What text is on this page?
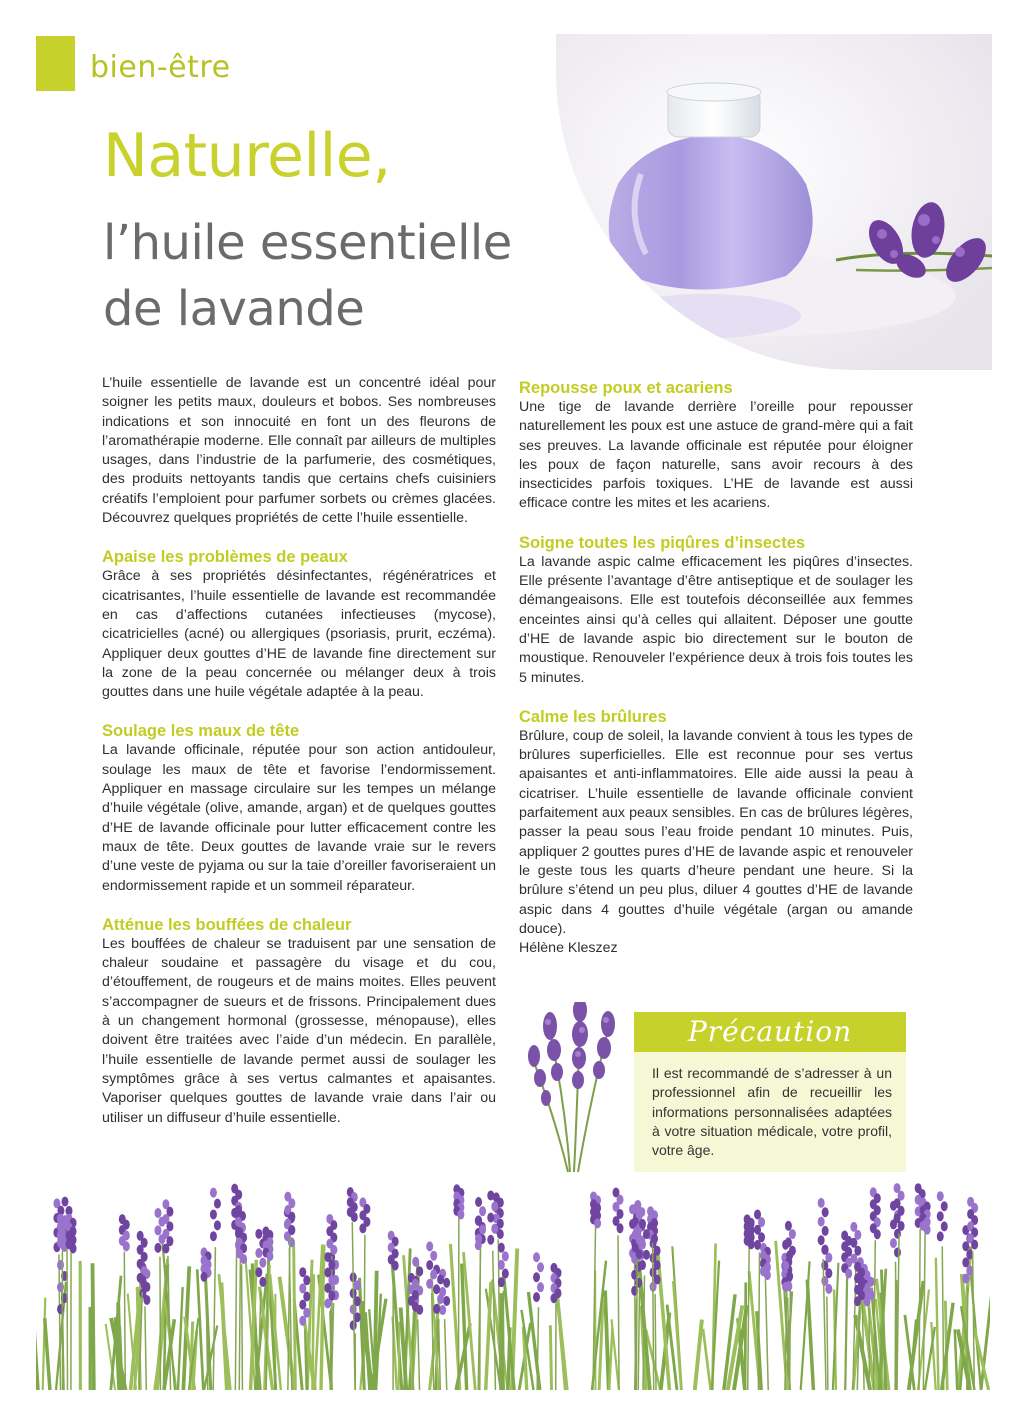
bien-être
Naturelle,
l’huile essentielle
de lavande

L’huile essentielle de lavande est un concentré idéal pour soigner les petits maux, douleurs et bobos. Ses nombreuses indications et son innocuité en font un des fleurons de l’aromathérapie moderne. Elle connaît par ailleurs de multiples usages, dans l’industrie de la parfumerie, des cosmétiques, des produits nettoyants tandis que certains chefs cuisiniers créatifs l’emploient pour parfumer sorbets ou crèmes glacées. Découvrez quelques propriétés de cette l’huile essentielle.

Apaise les problèmes de peaux

Grâce à ses propriétés désinfectantes, régénératrices et cicatrisantes, l’huile essentielle de lavande est recommandée en cas d’affections cutanées infectieuses (mycose), cicatricielles (acné) ou allergiques (psoriasis, prurit, eczéma). Appliquer deux gouttes d’HE de lavande fine directement sur la zone de la peau concernée ou mélanger deux à trois gouttes dans une huile végétale adaptée à la peau.

Soulage les maux de tête

La lavande officinale, réputée pour son action antidouleur, soulage les maux de tête et favorise l’endormissement. Appliquer en massage circulaire sur les tempes un mélange d’huile végétale (olive, amande, argan) et de quelques gouttes d’HE de lavande officinale pour lutter efficacement contre les maux de tête. Deux gouttes de lavande vraie sur le revers d’une veste de pyjama ou sur la taie d’oreiller favoriseraient un endormissement rapide et un sommeil réparateur.

Atténue les bouffées de chaleur

Les bouffées de chaleur se traduisent par une sensation de chaleur soudaine et passagère du visage et du cou, d’étouffement, de rougeurs et de mains moites. Elles peuvent s’accompagner de sueurs et de frissons. Principalement dues à un changement hormonal (grossesse, ménopause), elles doivent être traitées avec l’aide d’un médecin. En parallèle, l’huile essentielle de lavande permet aussi de soulager les symptômes grâce à ses vertus calmantes et apaisantes. Vaporiser quelques gouttes de lavande vraie dans l’air ou utiliser un diffuseur d’huile essentielle.

Repousse poux et acariens

Une tige de lavande derrière l’oreille pour repousser naturellement les poux est une astuce de grand-mère qui a fait ses preuves. La lavande officinale est réputée pour éloigner les poux de façon naturelle, sans avoir recours à des insecticides parfois toxiques. L’HE de lavande est aussi efficace contre les mites et les acariens.

Soigne toutes les piqûres d’insectes

La lavande aspic calme efficacement les piqûres d’insectes. Elle présente l’avantage d’être antiseptique et de soulager les démangeaisons. Elle est toutefois déconseillée aux femmes enceintes ainsi qu’à celles qui allaitent. Déposer une goutte d’HE de lavande aspic bio directement sur le bouton de moustique. Renouveler l’expérience deux à trois fois toutes les 5 minutes.

Calme les brûlures

Brûlure, coup de soleil, la lavande convient à tous les types de brûlures superficielles. Elle est reconnue pour ses vertus apaisantes et anti-inflammatoires. Elle aide aussi la peau à cicatriser. L’huile essentielle de lavande officinale convient parfaitement aux peaux sensibles. En cas de brûlures légères, passer la peau sous l’eau froide pendant 10 minutes. Puis, appliquer 2 gouttes pures d’HE de lavande aspic et renouveler le geste tous les quarts d’heure pendant une heure. Si la brûlure s’étend un peu plus, diluer 4 gouttes d’HE de lavande aspic dans 4 gouttes d’huile végétale (argan ou amande douce).

Hélène Kleszez

Précaution
Il est recommandé de s’adresser à un professionnel afin de recueillir les informations personnalisées adaptées à votre situation médicale, votre profil, votre âge.
